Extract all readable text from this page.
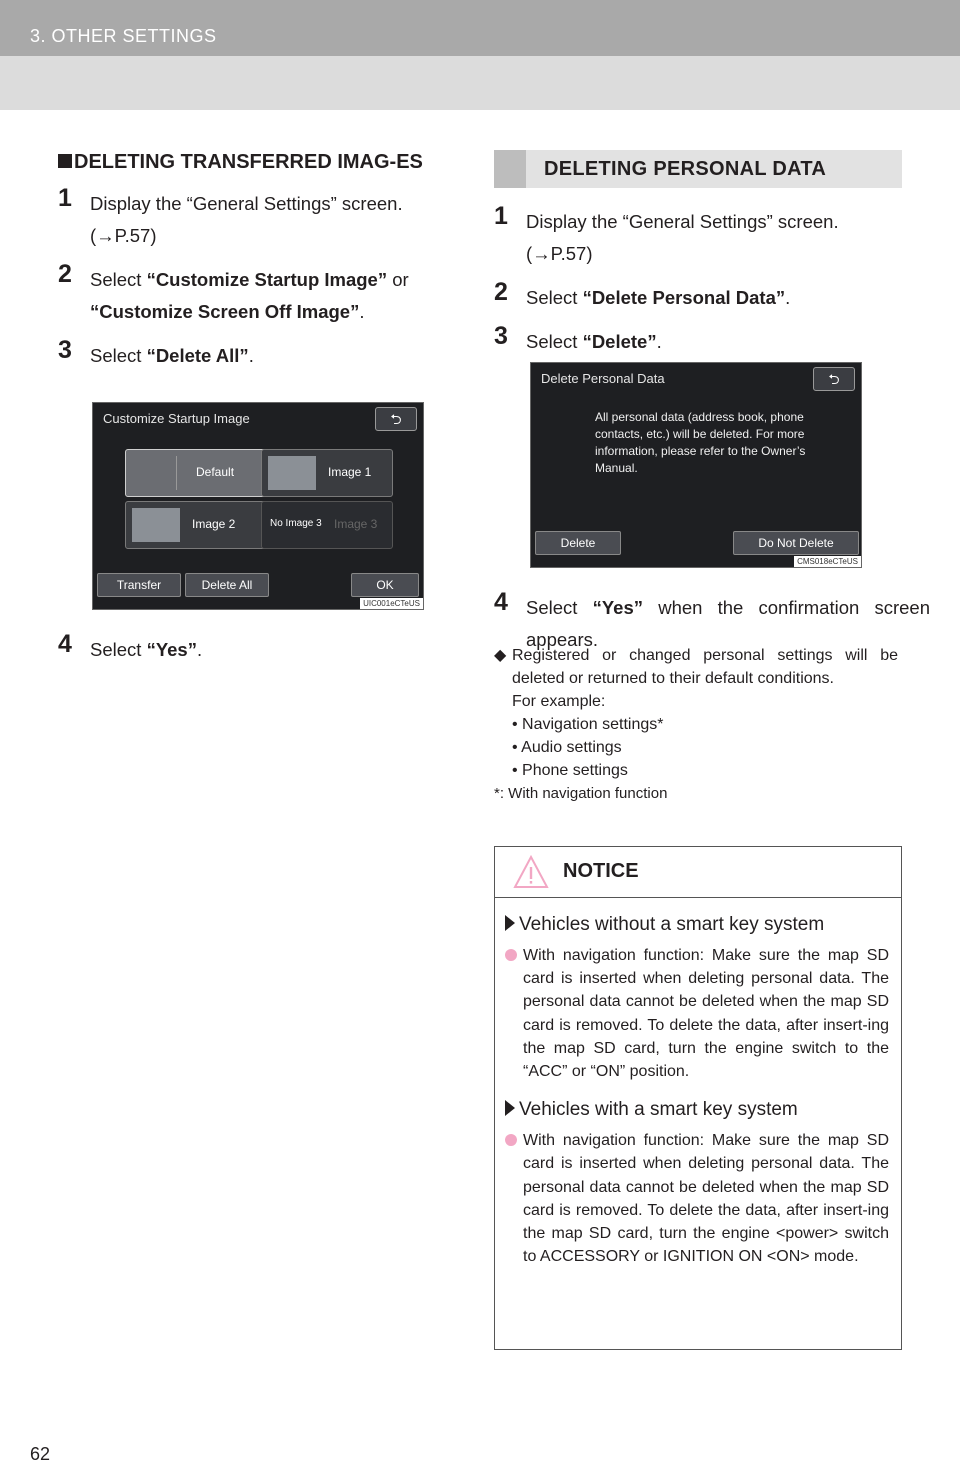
3. OTHER SETTINGS

DELETING TRANSFERRED IMAG-ES

1 Display the “General Settings” screen. (→P.57)
2 Select “Customize Startup Image” or “Customize Screen Off Image”.
3 Select “Delete All”.
Customize Startup Image	⮌
Default	Image 1
Image 2	No Image 3 Image 3
Transfer	Delete All	OK
UIC001eCTeUS
4 Select “Yes”.
DELETING PERSONAL DATA
1 Display the “General Settings” screen. (→P.57)
2 Select “Delete Personal Data”.
3 Select “Delete”.
Delete Personal Data	⮌
All personal data (address book, phone contacts, etc.) will be deleted. For more information, please refer to the Owner’s Manual.
Delete	Do Not Delete
CMS018eCTeUS
4 Select “Yes” when the confirmation screen appears.
◆ Registered or changed personal settings will be deleted or returned to their default conditions.
For example:
• Navigation settings*
• Audio settings
• Phone settings
*: With navigation function
NOTICE
Vehicles without a smart key system
With navigation function: Make sure the map SD card is inserted when deleting personal data. The personal data cannot be deleted when the map SD card is removed. To delete the data, after insert-ing the map SD card, turn the engine switch to the “ACC” or “ON” position.
Vehicles with a smart key system
With navigation function: Make sure the map SD card is inserted when deleting personal data. The personal data cannot be deleted when the map SD card is removed. To delete the data, after insert-ing the map SD card, turn the engine <power> switch to ACCESSORY or IGNITION ON <ON> mode.
62
